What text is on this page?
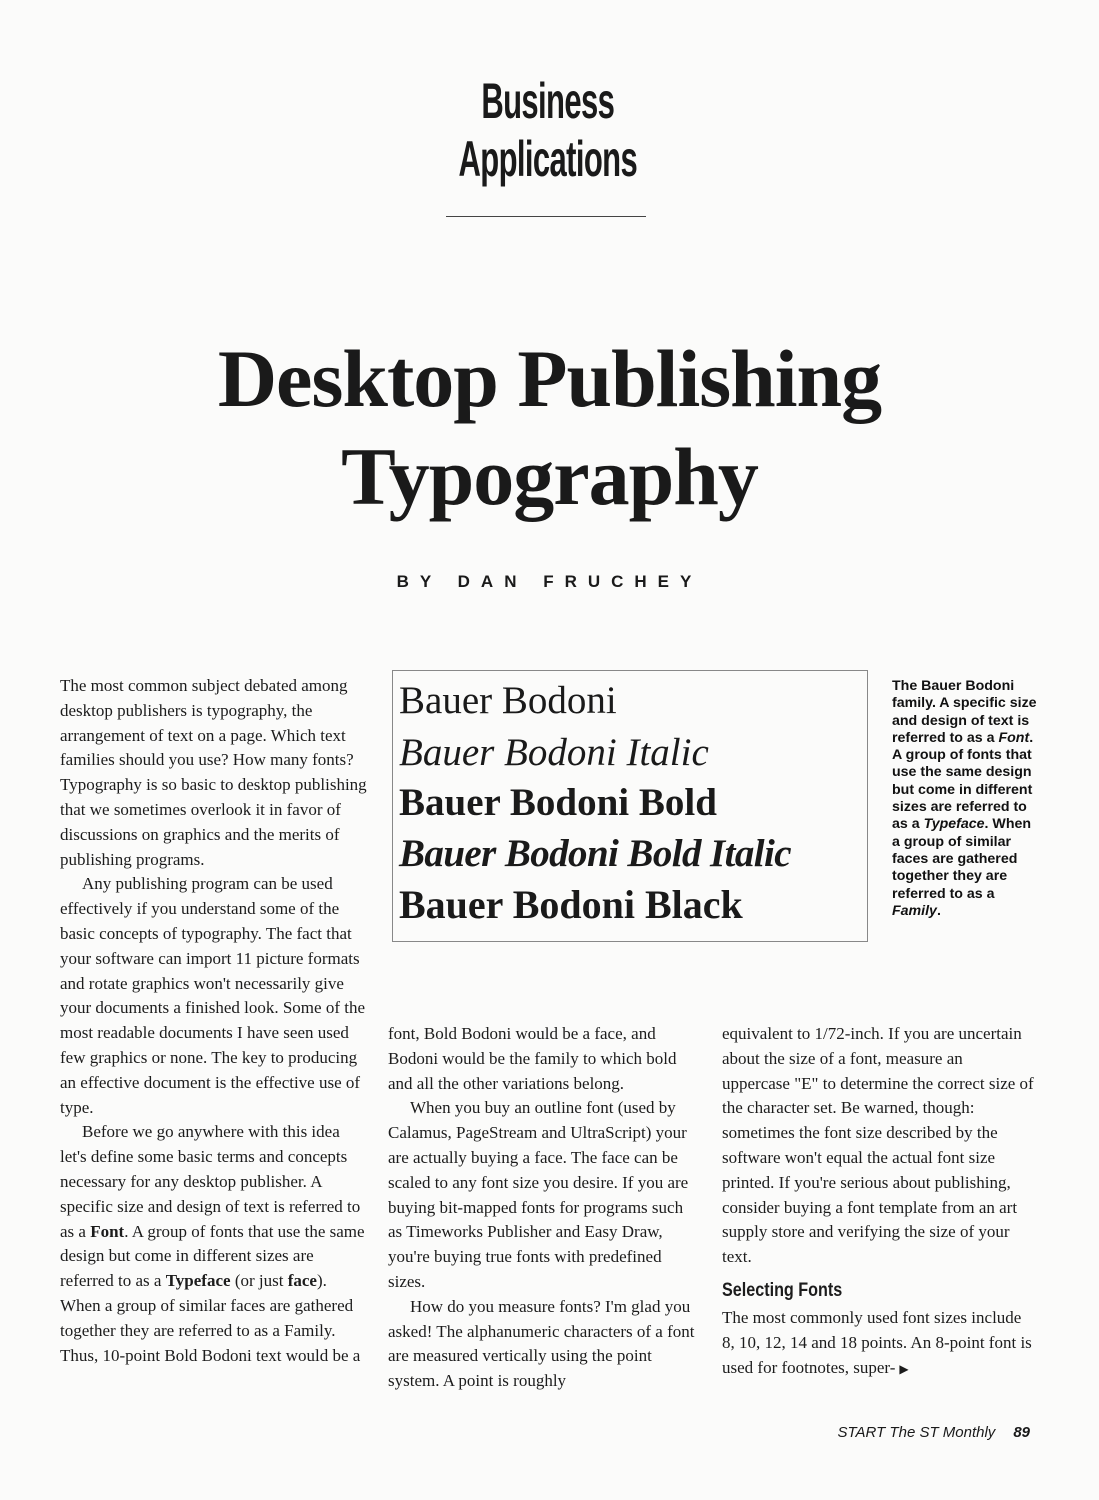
Business
Applications
Desktop Publishing
Typography
BY DAN FRUCHEY

The most common subject debated among desktop publishers is typography, the arrangement of text on a page. Which text families should you use? How many fonts? Typography is so basic to desktop publishing that we sometimes overlook it in favor of discussions on graphics and the merits of publishing programs.

Any publishing program can be used effectively if you understand some of the basic concepts of typography. The fact that your software can import 11 picture formats and rotate graphics won't necessarily give your documents a finished look. Some of the most readable documents I have seen used few graphics or none. The key to producing an effective document is the effective use of type.

Before we go anywhere with this idea let's define some basic terms and concepts necessary for any desktop publisher. A specific size and design of text is referred to as a Font. A group of fonts that use the same design but come in different sizes are referred to as a Typeface (or just face). When a group of similar faces are gathered together they are referred to as a Family. Thus, 10-point Bold Bodoni text would be a

Bauer Bodoni
Bauer Bodoni Italic
Bauer Bodoni Bold
Bauer Bodoni Bold Italic
Bauer Bodoni Black
The Bauer Bodoni family. A specific size and design of text is referred to as a Font. A group of fonts that use the same design but come in different sizes are referred to as a Typeface. When a group of similar faces are gathered together they are referred to as a Family.

font, Bold Bodoni would be a face, and Bodoni would be the family to which bold and all the other variations belong.

When you buy an outline font (used by Calamus, PageStream and UltraScript) your are actually buying a face. The face can be scaled to any font size you desire. If you are buying bit-mapped fonts for programs such as Timeworks Publisher and Easy Draw, you're buying true fonts with predefined sizes.

How do you measure fonts? I'm glad you asked! The alphanumeric characters of a font are measured vertically using the point system. A point is roughly

equivalent to 1/72-inch. If you are uncertain about the size of a font, measure an uppercase "E" to determine the correct size of the character set. Be warned, though: sometimes the font size described by the software won't equal the actual font size printed. If you're serious about publishing, consider buying a font template from an art supply store and verifying the size of your text.

Selecting Fonts

The most commonly used font sizes include 8, 10, 12, 14 and 18 points. An 8-point font is used for footnotes, super- ▶

START The ST Monthly 89
